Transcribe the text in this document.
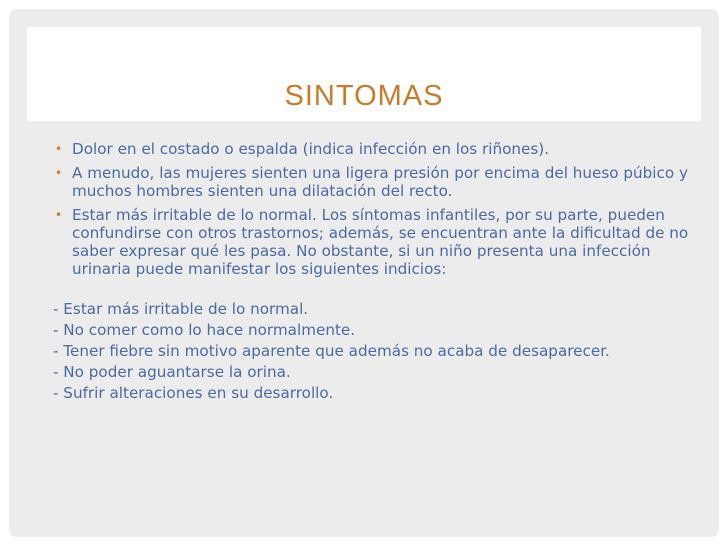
SINTOMAS
• Dolor en el costado o espalda (indica infección en los riñones).
• A menudo, las mujeres sienten una ligera presión por encima del hueso púbico y muchos hombres sienten una dilatación del recto.
• Estar más irritable de lo normal. Los síntomas infantiles, por su parte, pueden confundirse con otros trastornos; además, se encuentran ante la dificultad de no saber expresar qué les pasa. No obstante, si un niño presenta una infección urinaria puede manifestar los siguientes indicios:
- Estar más irritable de lo normal.
- No comer como lo hace normalmente.
- Tener fiebre sin motivo aparente que además no acaba de desaparecer.
- No poder aguantarse la orina.
- Sufrir alteraciones en su desarrollo.
